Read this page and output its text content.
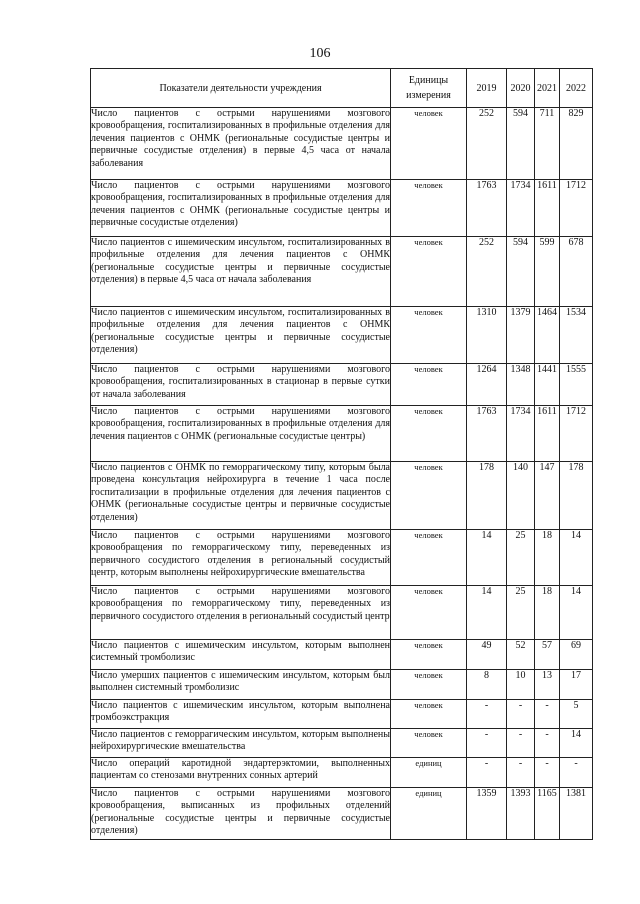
106
Показатели деятельности учреждения	Единицы измерения	2019	2020	2021	2022
Число пациентов с острыми нарушениями мозгового кровообращения, госпитализированных в профильные отделения для лечения пациентов с ОНМК (региональные сосудистые центры и первичные сосудистые отделения) в первые 4,5 часа от начала заболевания	человек	252	594	711	829
Число пациентов с острыми нарушениями мозгового кровообращения, госпитализированных в профильные отделения для лечения пациентов с ОНМК (региональные сосудистые центры и первичные сосудистые отделения)	человек	1763	1734	1611	1712
Число пациентов с ишемическим инсультом, госпитализированных в профильные отделения для лечения пациентов с ОНМК (региональные сосудистые центры и первичные сосудистые отделения) в первые 4,5 часа от начала заболевания	человек	252	594	599	678
Число пациентов с ишемическим инсультом, госпитализированных в профильные отделения для лечения пациентов с ОНМК (региональные сосудистые центры и первичные сосудистые отделения)	человек	1310	1379	1464	1534
Число пациентов с острыми нарушениями мозгового кровообращения, госпитализированных в стационар в первые сутки от начала заболевания	человек	1264	1348	1441	1555
Число пациентов с острыми нарушениями мозгового кровообращения, госпитализированных в профильные отделения для лечения пациентов с ОНМК (региональные сосудистые центры)	человек	1763	1734	1611	1712
Число пациентов с ОНМК по геморрагическому типу, которым была проведена консультация нейрохирурга в течение 1 часа после госпитализации в профильные отделения для лечения пациентов с ОНМК (региональные сосудистые центры и первичные сосудистые отделения)	человек	178	140	147	178
Число пациентов с острыми нарушениями мозгового кровообращения по геморрагическому типу, переведенных из первичного сосудистого отделения в региональный сосудистый центр, которым выполнены нейрохирургические вмешательства	человек	14	25	18	14
Число пациентов с острыми нарушениями мозгового кровообращения по геморрагическому типу, переведенных из первичного сосудистого отделения в региональный сосудистый центр	человек	14	25	18	14
Число пациентов с ишемическим инсультом, которым выполнен системный тромболизис	человек	49	52	57	69
Число умерших пациентов с ишемическим инсультом, которым был выполнен системный тромболизис	человек	8	10	13	17
Число пациентов с ишемическим инсультом, которым выполнена тромбоэкстракция	человек	-	-	-	5
Число пациентов с геморрагическим инсультом, которым выполнены нейрохирургические вмешательства	человек	-	-	-	14
Число операций каротидной эндартерэктомии, выполненных пациентам со стенозами внутренних сонных артерий	единиц	-	-	-	-
Число пациентов с острыми нарушениями мозгового кровообращения, выписанных из профильных отделений (региональные сосудистые центры и первичные сосудистые отделения)	единиц	1359	1393	1165	1381
